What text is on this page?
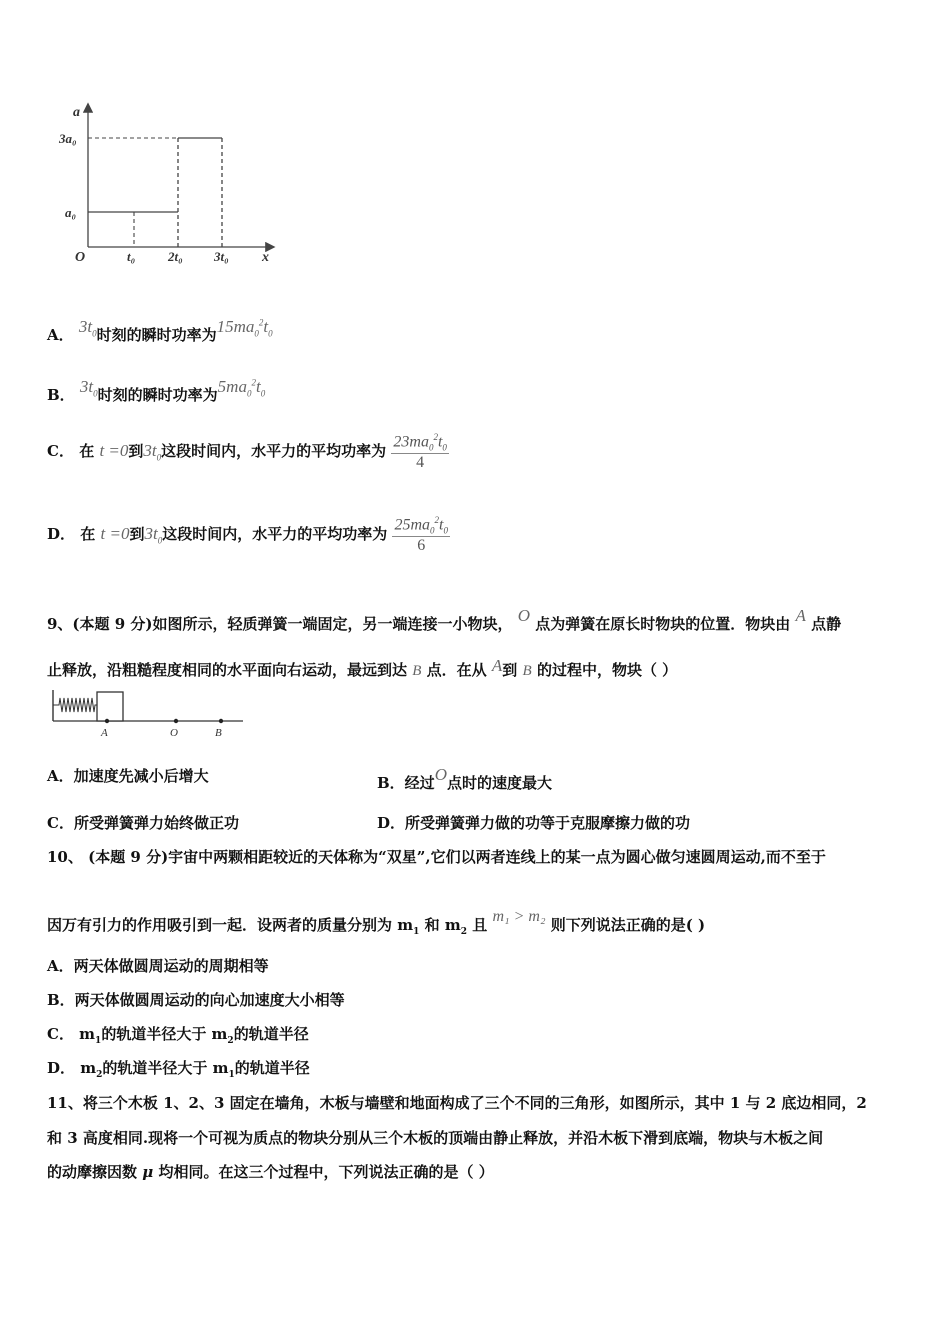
a
x
O
3a₀
a₀
t₀	2t₀ 3t₀
A． $3t_0$时刻的瞬时功率为$15ma_0^2t_0$
B． $3t_0$时刻的瞬时功率为$5ma_0^2t_0$
C． 在 t =0到$3t_0$这段时间内，水平力的平均功率为 $\frac{23ma_0^2t_0}{4}$
D． 在 t =0到$3t_0$这段时间内，水平力的平均功率为 $\frac{25ma_0^2t_0}{6}$
9、(本题 9 分)如图所示，轻质弹簧一端固定，另一端连接一小物块， O 点为弹簧在原长时物块的位置．物块由 A 点静
止释放，沿粗糙程度相同的水平面向右运动，最远到达 B 点．在从 A到 B 的过程中，物块（ ）
A	O	B
A．加速度先减小后增大	B．经过O点时的速度最大
C．所受弹簧弹力始终做正功	D．所受弹簧弹力做的功等于克服摩擦力做的功
10、 (本题 9 分)宇宙中两颗相距较近的天体称为“双星”,它们以两者连线上的某一点为圆心做匀速圆周运动,而不至于
因万有引力的作用吸引到一起．设两者的质量分别为 $m_1$ 和 $m_2$ 且 m₁ > m₂ 则下列说法正确的是( )
A．两天体做圆周运动的周期相等
B．两天体做圆周运动的向心加速度大小相等
C． $m_1$的轨道半径大于 $m_2$的轨道半径
D． $m_2$的轨道半径大于 $m_1$的轨道半径
11、将三个木板 1、2、3 固定在墙角，木板与墙壁和地面构成了三个不同的三角形，如图所示，其中 1 与 2 底边相同，2
和 3 高度相同.现将一个可视为质点的物块分别从三个木板的顶端由静止释放，并沿木板下滑到底端，物块与木板之间
的动摩擦因数 μ 均相同。在这三个过程中，下列说法正确的是（ ）
